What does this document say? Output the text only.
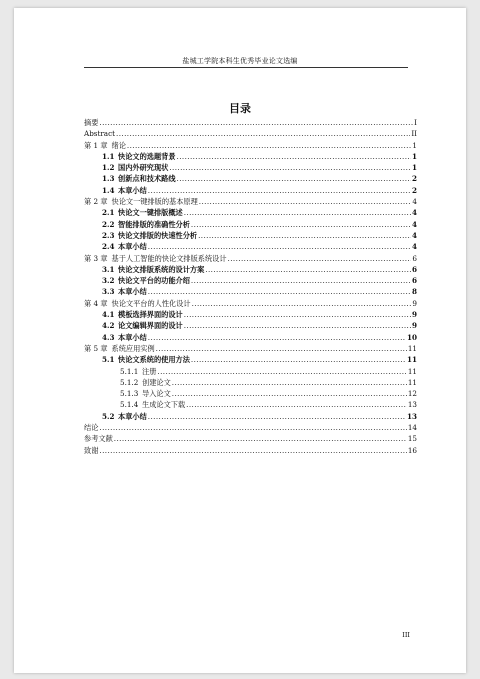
盐城工学院本科生优秀毕业论文选编
目录
摘要 .....	I
Abstract .....	II
第 1 章 绪论 .....	1
1.1 快论文的选题背景 .....	1
1.2 国内外研究现状 .....	1
1.3 创新点和技术路线 .....	2
1.4 本章小结 .....	2
第 2 章 快论文一键排版的基本原理 .....	4
2.1 快论文一键排版概述 .....	4
2.2 智能排版的准确性分析 .....	4
2.3 快论文排版的快速性分析 .....	4
2.4 本章小结 .....	4
第 3 章 基于人工智能的快论文排版系统设计 .....	6
3.1 快论文排版系统的设计方案 .....	6
3.2 快论文平台的功能介绍 .....	6
3.3 本章小结 .....	8
第 4 章 快论文平台的人性化设计 .....	9
4.1 模板选择界面的设计 .....	9
4.2 论文编辑界面的设计 .....	9
4.3 本章小结 .....	10
第 5 章 系统应用实例 .....	11
5.1 快论文系统的使用方法 .....	11
5.1.1 注册 .....	11
5.1.2 创建论文 .....	11
5.1.3 导入论文 .....	12
5.1.4 生成论文下载 .....	13
5.2 本章小结 .....	13
结论 .....	14
参考文献 .....	15
致谢 .....	16
III
